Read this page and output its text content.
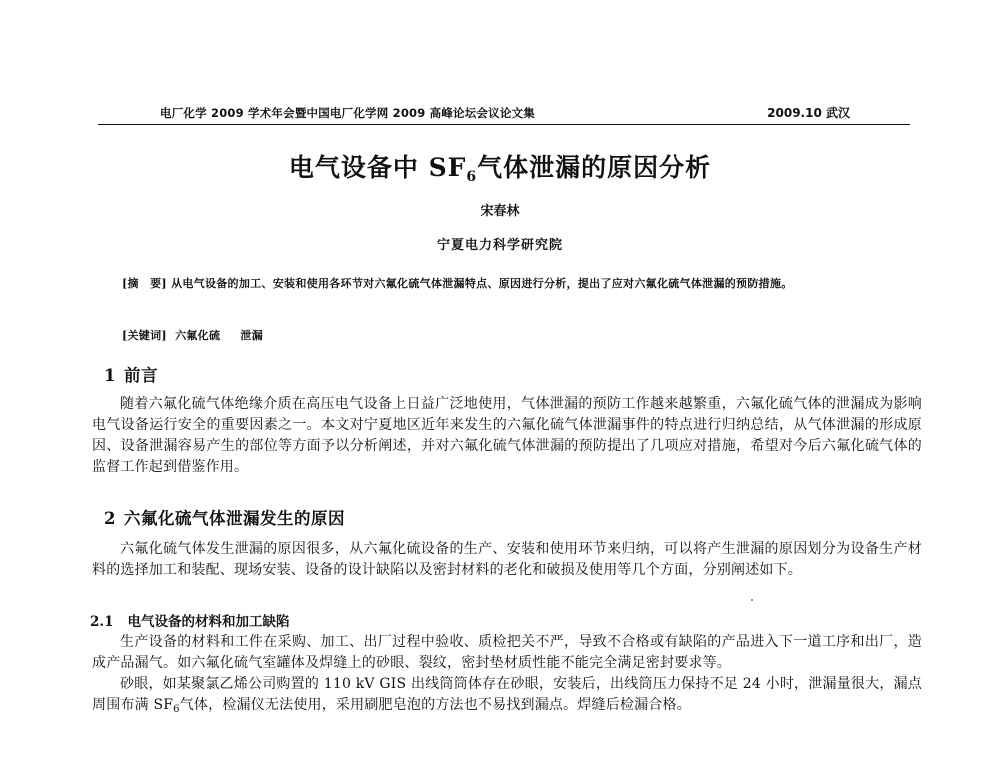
电厂化学 2009 学术年会暨中国电厂化学网 2009 高峰论坛会议论文集	2009.10 武汉
电气设备中 $SF_6$气体泄漏的原因分析
宋春林
宁夏电力科学研究院
[摘　要] 从电气设备的加工、安装和使用各环节对六氟化硫气体泄漏特点、原因进行分析，提出了应对六氟化硫气体泄漏的预防措施。
[关键词] 六氟化硫 泄漏
1 前言

随着六氟化硫气体绝缘介质在高压电气设备上日益广泛地使用，气体泄漏的预防工作越来越繁重，六氟化硫气体的泄漏成为影响电气设备运行安全的重要因素之一。本文对宁夏地区近年来发生的六氟化硫气体泄漏事件的特点进行归纳总结，从气体泄漏的形成原因、设备泄漏容易产生的部位等方面予以分析阐述，并对六氟化硫气体泄漏的预防提出了几项应对措施，希望对今后六氟化硫气体的监督工作起到借鉴作用。

2 六氟化硫气体泄漏发生的原因

六氟化硫气体发生泄漏的原因很多，从六氟化硫设备的生产、安装和使用环节来归纳，可以将产生泄漏的原因划分为设备生产材料的选择加工和装配、现场安装、设备的设计缺陷以及密封材料的老化和破损及使用等几个方面，分别阐述如下。

2.1 电气设备的材料和加工缺陷

生产设备的材料和工件在采购、加工、出厂过程中验收、质检把关不严，导致不合格或有缺陷的产品进入下一道工序和出厂，造成产品漏气。如六氟化硫气室罐体及焊缝上的砂眼、裂纹，密封垫材质性能不能完全满足密封要求等。

砂眼，如某聚氯乙烯公司购置的 110 kV GIS 出线筒筒体存在砂眼，安装后，出线筒压力保持不足 24 小时，泄漏量很大，漏点周围布满 $SF_6$气体，检漏仪无法使用，采用刷肥皂泡的方法也不易找到漏点。焊缝后检漏合格。
